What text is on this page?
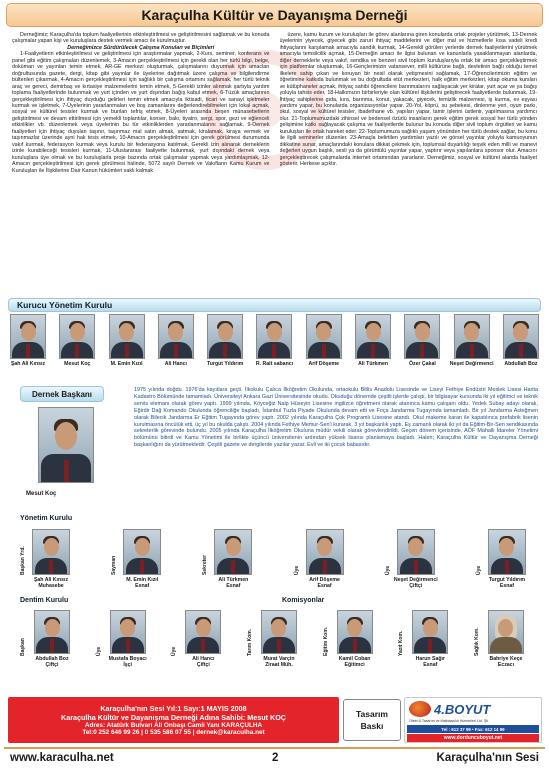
Karaçulha Kültür ve Dayanışma Derneği

Derneğimiz; Karaçulha'da toplum faaliyetlerinin etkinleştirilmesi ve geliştirilmesini sağlamak ve bu konuda çalışmalar yapan kişi ve kuruluşlara destek vermek amacı ile kurulmuştur.

Derneğimizce Sürdürülecek Çalışma Konuları ve Biçimleri

1-Faaliyetlerin etkinleştirilmesi ve geliştirilmesi için araştırmalar yapmak, 2-Kurs, seminer, konferans ve panel gibi eğitim çalışmaları düzenlemek, 3-Amacın gerçekleştirilmesi için gerekli olan her türlü bilgi, belge, doküman ve yayınları temin etmek, AR-GE merkezi oluşturmak, çalışmalarını duyurmak için amacları doğrultusunda gazete, dergi, kitap gibi yayınlar ile üyelerine dağıtmak üzere çalışma ve bilgilendirme bültenleri çıkarmak, 4-Amacın gerçekleştirilmesi için sağlıklı bir çalışma ortamını sağlamak, her türlü teknik araç ve gereci, demirbaş ve kırtasiye malzemelerini temin etmek, 5-Gerekli izinler alınmak şartıyla yardım toplama faaliyetlerinde bulunmak ve yurt içinden ve yurt dışından bağış kabul etmek, 6-Tüzük amaçlarının gerçekleştirilmesi için ihtiyaç duyduğu gelirleri temin etmek amacıyla iktisadi, ticari ve sanayi işletmeler kurmak ve işletmek, 7-Üyelerinin yararlanmaları ve boş zamanlarını değerlendirebilmeleri için lokal açmak, sosyal ve kültürel tesisler kurmak ve bunları tefriş etmek, 8-Üyeleri arasında beşeri münasebetlerin geliştirilmesi ve devam ettirilmesi için yemekli toplantılar, konser, balo, tiyatro, sergi, spor, gezi ve eğlenceli etkinlikler vb. düzenlemek veya üyelerinin bu tür etkinliklerden yararlanmalarını sağlamak, 9-Dernek faaliyetleri için ihtiyaç duyulan taşınır, taşınmaz mal satın almak, satmak, kiralamak, kiraya vermek ve taşınmazlar üzerinde ayni hak tesis etmek, 10-Amacın gerçekleştirilmesi için gerek görülmesi durumunda vakıf kurmak, federasyon kurmak veya kurulu bir federasyona katılmak, Gerekli izin alınarak derneklerin izinle kurabileceği tesisleri kurmak, 11-Uluslararası faaliyette bulunmak, yurt dışındaki dernek veya kuruluşlara üye olmak ve bu kuruluşlarla proje bazında ortak çalışmalar yapmak veya yardımlaşmak, 12-Amacın gerçekleştirilmesi için gerek görülmesi halinde, 5072 sayılı Dernek ve Vakıfların Kamu Kurum ve Kuruluşları ile İlişkilerine Dair Kanun hükümleri saklı kalmak

üzere, kamu kurum ve kuruluşları ile görev alanlarına giren konularda ortak projeler yürütmek, 13-Dernek üyelerinin yiyecek, giyecek gibi zaruri ihtiyaç maddelerini ve diğer mal ve hizmetlerle kısa vadeli kredi ihtiyaçlarını karşılamak amacıyla sandık kurmak, 14-Gerekli görülen yerlerde dernek faaliyetlerini yürütmek amacıyla temsilcilik açmak, 15-Derneğin amacı ile ilgisi bulunan ve kanunlarla yasaklanmayan alanlarda, diğer derneklerle veya vakıf, sendika ve benzeri sivil toplum kuruluşlarıyla ortak bir amacı gerçekleştirmek için platformlar oluşturmak, 16-Gençlerimizin vatansever, milli kültürüne bağlı, devletinin bağlı olduğu temel ilkelere sahip çıkan ve koruyan bir nesil olarak yetişmesini sağlamak, 17-Öğrencilerimizin eğitim ve öğretimine katkıda bulunmak ve bu doğrultuda etüt merkezleri, halk eğitim merkezleri, kitap okuma kursları ve kütüphaneler açmak, ihtiyaç sahibi öğrencilere barınmalarını sağlayacak yer kiralar, yurt açar ve ya bağış yoluyla tahsis eder, 18-Halkımızın birbirleriyle olan kültürel ilişkilerini geliştirecek faaliyetlerde bulunmak, 19-İhtiyaç sahiplerine gıda, kıra, barınma, konut, yakacak, giyecek, temizlik malzemesi, iş kurma, ev eşyası yardımı yapar, bu konularda organizasyonlar yapar. 20-Yol, köprü, su şebekesi, dinlenme yeri, oyun parkı, okul, sosyal ve kültürel tesisler, ibadethane vb. yapıları yapar, tamir işlerini üstlenir, yapılmasına yardımcı olur. 21-Toplumumuzdaki zihinsel ve bedensel özürlü insanların gerek eğitim gerek sosyal her türlü yönden gelişimine katkı sağlayacak çalışma ve faaliyetlerde bulunur bu konuda diğer sivil toplum örgütleri ve kamu kuruluşları ile ortak hareket eder. 22-Toplumumuza sağlıklı yaşam yönünden her türlü destek sağlar, bu konu ile ilgili seminerler düzenler. 23-Amaçla belirtilen yardımları yazılı ve görsel yayınlar yoluyla kamuoyunun dikkatine sunar, amaçlarındaki konulara dikkat çekmek için, toplumsal duyarlılığı teşvik eden milli ve manevi değerleri uygun başlık, sesli ya da görüntülü yayınlar yapar, yaptırır veya yapılanlara sponsor olur. Amacını gerçekleştirecek çalışmalarda internet ortamından yararlanır. Derneğimiz, sosyal ve kültürel alanda faaliyet gösterir. Herkese açıktır.

Kurucu Yönetim Kurulu
Şah Ali Kınsız	Mesut Koç	M. Emin Kızıl	Ali Hancı	Turgut Yıldırım R. Rait sabancı	Arif Döşeme	Ali Türkmen	Özer Çakal	Neşet Değirmenci Abdullah Boz
Dernek Başkanı
Mesut Koç
1975 yılında doğdu. 1976'da kayıtlara geçti. İlkokulu Çalıca İlköğretim Okulunda, ortaokulu Bitlis Anadolu Lisesinde ve Liseyi Fethiye Endüstri Meslek Lisesi Harita Kadastro Bölümünde tamamladı. Üniversiteyi Ankara Gazi Üniversitesinde okudu. Okuduğu dönemde çeşitli işlerde çalıştı, bir bilgisayar kursunda iki yıl eğitimci ve teknik servis elemanı olarak görev yaptı. 1999 yılında, Köyceğiz Naip Hüseyin Lisesine ingilizce öğretmeni olarak atanınca kamu çalışanı oldu. Yedek Subay adayı olarak, Eğirdir Dağ Komando Okulunda öğrenciliğe başladı, İstanbul Tuzla Piyade Okulunda devam etti ve Foça Jandarma Tugayında tamamladı. Bir yıl Jandarma Asteğmen olarak Bilecik Jandarma Er Eğitim Tugayında görev yaptı. 2002 yılında Karaçulha Çok Programlı Lisesine atandı. Okul makeme karan ile kapatılınca prefabrik lisenin kurulmasına öncülük etti, üç yıl bu okulda çalıştı. 2004 yılında Fethiye Memur-Sen'i kurarak, 3 yıl başkanlık yaptı. Eş zamanlı olarak iki yıl da Eğitim-Bir-Sen sendikasında sekreterlik görevinde bulundu. 2005 yılında Karaçulha İlköğretim Okuluna müdür vekili olarak görevlendirildi. Geçen dönem içerisinde, AÖF Mahalli İdareler Yönetimi bölümünü bitirdi ve Kamu Yönetimi ile birlikte üçüncü üniversitenin ardından yüksek lisansı planlamaya başladı. Halen; Karaçulha Kültür ve Dayanışma Derneği başkanlığını da yürütmektedir. Çeşitli gazete ve dergilerde yazılar yazar. Evli ve iki çocuk babasıdır.
Yönetim Kurulu
Başkan Yrd.
Şah Ali Kınsız
Muhasebe
Sayman
M. Emin Kızıl
Esnaf
Sekreter
Ali Türkmen
Esnaf
Üye
Arif Döşeme
Esnaf
Üye
Neşet Değirmenci
Çiftçi
Üye
Turgut Yıldırım
Esnaf
Dentim Kurulu	Komisyonlar
Başkan
Abdullah Boz
Çiftçi
Üye
Mustafa Boyacı
İşçi
Üye
Ali Hancı
Çiftçi
Tarım Kom.
Murat Varçin
Ziraat Müh.
Eğitim Kom.
Kamil Coban
Eğitimci
Yazıt Kom.
Harun Sağır
Esnaf
Sağlık Kom.
Bahriye Keçe
Eczacı
Karaçulha'nın Sesi Yıl:1 Sayı:1 MAYIS 2008
Karaçulha Kültür ve Dayanışma Derneği Adına Sahibi: Mesut KOÇ
Adres: Atatürk Bulvarı Ali Onbaşı Camii Yanı KARAÇULHA
Tel:0 252 646 99 26 | 0 535 586 07 55 | dernek@karaculha.net
Tasarım
Baskı
4.BOYUT
Ofset & Tasarım ve Matbaacılık Hizmetleri Ltd. Şti.
Tel : 612 37 99 • Fax: 612 14 99
www.dorduncuboyut.net
www.karaculha.net	2	Karaçulha'nın Sesi
